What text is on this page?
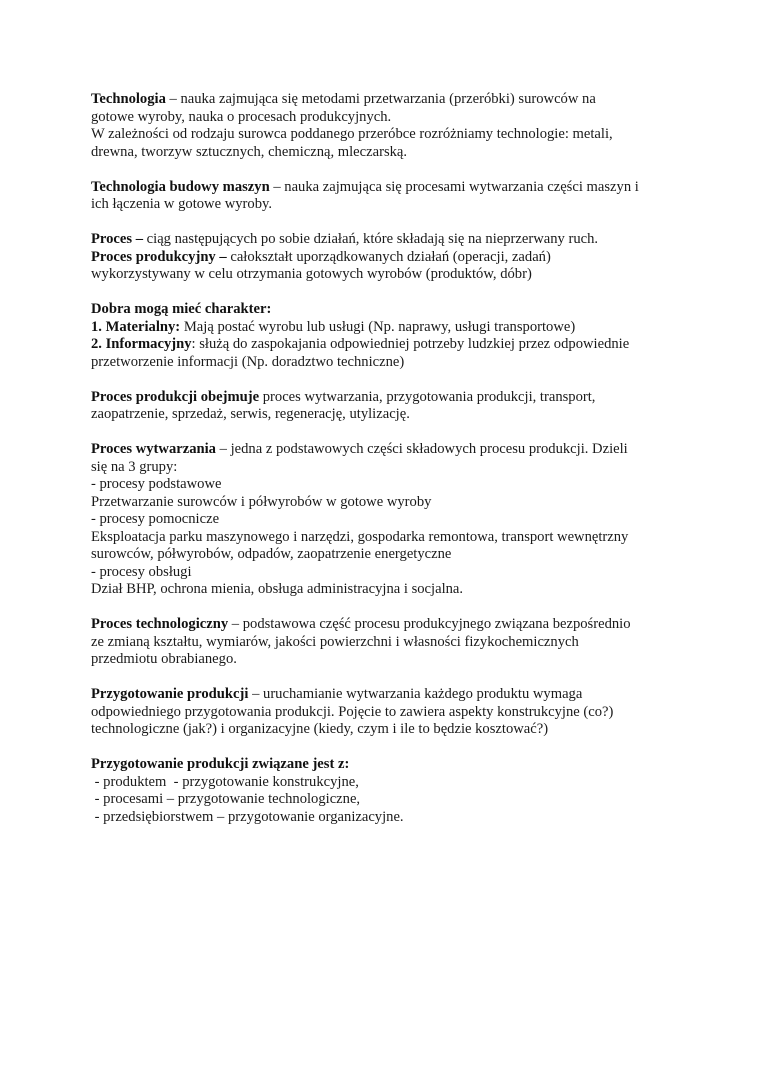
Technologia – nauka zajmująca się metodami przetwarzania (przeróbki) surowców na
gotowe wyroby, nauka o procesach produkcyjnych.
W zależności od rodzaju surowca poddanego przeróbce rozróżniamy technologie: metali,
drewna, tworzyw sztucznych, chemiczną, mleczarską.
Technologia budowy maszyn – nauka zajmująca się procesami wytwarzania części maszyn i
ich łączenia w gotowe wyroby.
Proces – ciąg następujących po sobie działań, które składają się na nieprzerwany ruch.
Proces produkcyjny – całokształt uporządkowanych działań (operacji, zadań)
wykorzystywany w celu otrzymania gotowych wyrobów (produktów, dóbr)
Dobra mogą mieć charakter:
1. Materialny: Mają postać wyrobu lub usługi (Np. naprawy, usługi transportowe)
2. Informacyjny: służą do zaspokajania odpowiedniej potrzeby ludzkiej przez odpowiednie
przetworzenie informacji (Np. doradztwo techniczne)
Proces produkcji obejmuje proces wytwarzania, przygotowania produkcji, transport,
zaopatrzenie, sprzedaż, serwis, regenerację, utylizację.
Proces wytwarzania – jedna z podstawowych części składowych procesu produkcji. Dzieli
się na 3 grupy:
- procesy podstawowe
Przetwarzanie surowców i półwyrobów w gotowe wyroby
- procesy pomocnicze
Eksploatacja parku maszynowego i narzędzi, gospodarka remontowa, transport wewnętrzny
surowców, półwyrobów, odpadów, zaopatrzenie energetyczne
- procesy obsługi
Dział BHP, ochrona mienia, obsługa administracyjna i socjalna.
Proces technologiczny – podstawowa część procesu produkcyjnego związana bezpośrednio
ze zmianą kształtu, wymiarów, jakości powierzchni i własności fizykochemicznych
przedmiotu obrabianego.
Przygotowanie produkcji – uruchamianie wytwarzania każdego produktu wymaga
odpowiedniego przygotowania produkcji. Pojęcie to zawiera aspekty konstrukcyjne (co?)
technologiczne (jak?) i organizacyjne (kiedy, czym i ile to będzie kosztować?)
Przygotowanie produkcji związane jest z:
- produktem  - przygotowanie konstrukcyjne,
- procesami – przygotowanie technologiczne,
- przedsiębiorstwem – przygotowanie organizacyjne.
